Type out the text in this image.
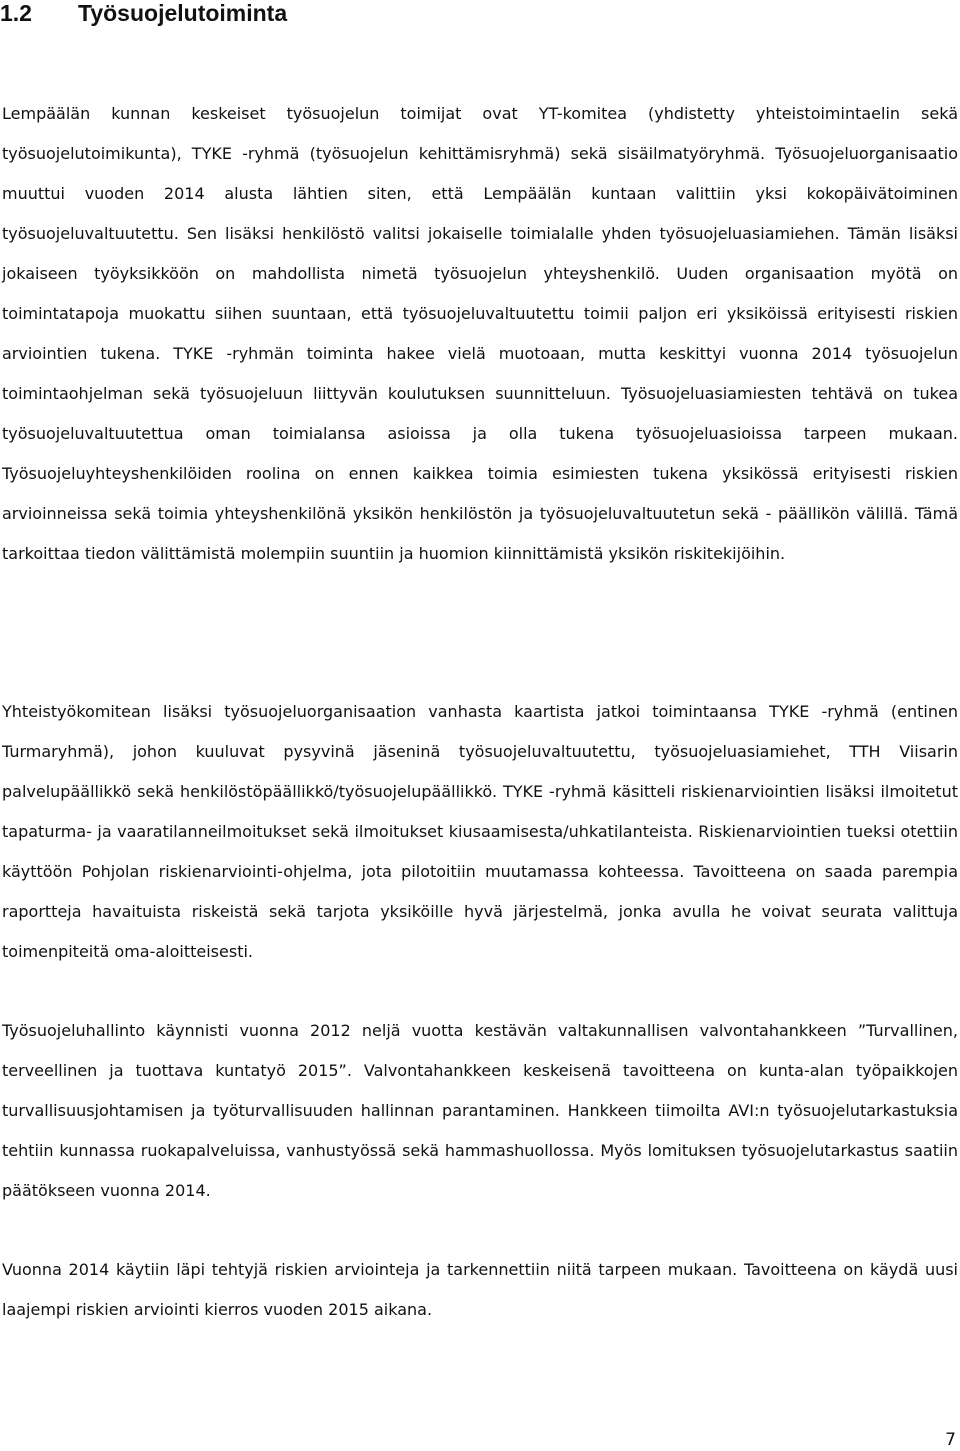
1.2 Työsuojelutoiminta

Lempäälän kunnan keskeiset työsuojelun toimijat ovat YT-komitea (yhdistetty yhteistoimintaelin sekä työsuojelutoimikunta), TYKE -ryhmä (työsuojelun kehittämisryhmä) sekä sisäilmatyöryhmä. Työsuojeluorganisaatio muuttui vuoden 2014 alusta lähtien siten, että Lempäälän kuntaan valittiin yksi kokopäivätoiminen työsuojeluvaltuutettu. Sen lisäksi henkilöstö valitsi jokaiselle toimialalle yhden työsuojeluasiamiehen. Tämän lisäksi jokaiseen työyksikköön on mahdollista nimetä työsuojelun yhteyshenkilö. Uuden organisaation myötä on toimintatapoja muokattu siihen suuntaan, että työsuojeluvaltuutettu toimii paljon eri yksiköissä erityisesti riskien arviointien tukena. TYKE -ryhmän toiminta hakee vielä muotoaan, mutta keskittyi vuonna 2014 työsuojelun toimintaohjelman sekä työsuojeluun liittyvän koulutuksen suunnitteluun. Työsuojeluasiamiesten tehtävä on tukea työsuojeluvaltuutettua oman toimialansa asioissa ja olla tukena työsuojeluasioissa tarpeen mukaan. Työsuojeluyhteyshenkilöiden roolina on ennen kaikkea toimia esimiesten tukena yksikössä erityisesti riskien arvioinneissa sekä toimia yhteyshenkilönä yksikön henkilöstön ja työsuojeluvaltuutetun sekä - päällikön välillä. Tämä tarkoittaa tiedon välittämistä molempiin suuntiin ja huomion kiinnittämistä yksikön riskitekijöihin.

Yhteistyökomitean lisäksi työsuojeluorganisaation vanhasta kaartista jatkoi toimintaansa TYKE -ryhmä (entinen Turmaryhmä), johon kuuluvat pysyvinä jäseninä työsuojeluvaltuutettu, työsuojeluasiamiehet, TTH Viisarin palvelupäällikkö sekä henkilöstöpäällikkö/työsuojelupäällikkö. TYKE -ryhmä käsitteli riskienarviointien lisäksi ilmoitetut tapaturma- ja vaaratilanneilmoitukset sekä ilmoitukset kiusaamisesta/uhkatilanteista. Riskienarviointien tueksi otettiin käyttöön Pohjolan riskienarviointi-ohjelma, jota pilotoitiin muutamassa kohteessa. Tavoitteena on saada parempia raportteja havaituista riskeistä sekä tarjota yksiköille hyvä järjestelmä, jonka avulla he voivat seurata valittuja toimenpiteitä oma-aloitteisesti.

Työsuojeluhallinto käynnisti vuonna 2012 neljä vuotta kestävän valtakunnallisen valvontahankkeen ”Turvallinen, terveellinen ja tuottava kuntatyö 2015”. Valvontahankkeen keskeisenä tavoitteena on kunta-alan työpaikkojen turvallisuusjohtamisen ja työturvallisuuden hallinnan parantaminen. Hankkeen tiimoilta AVI:n työsuojelutarkastuksia tehtiin kunnassa ruokapalveluissa, vanhustyössä sekä hammashuollossa. Myös lomituksen työsuojelutarkastus saatiin päätökseen vuonna 2014.

Vuonna 2014 käytiin läpi tehtyjä riskien arviointeja ja tarkennettiin niitä tarpeen mukaan. Tavoitteena on käydä uusi laajempi riskien arviointi kierros vuoden 2015 aikana.

7
